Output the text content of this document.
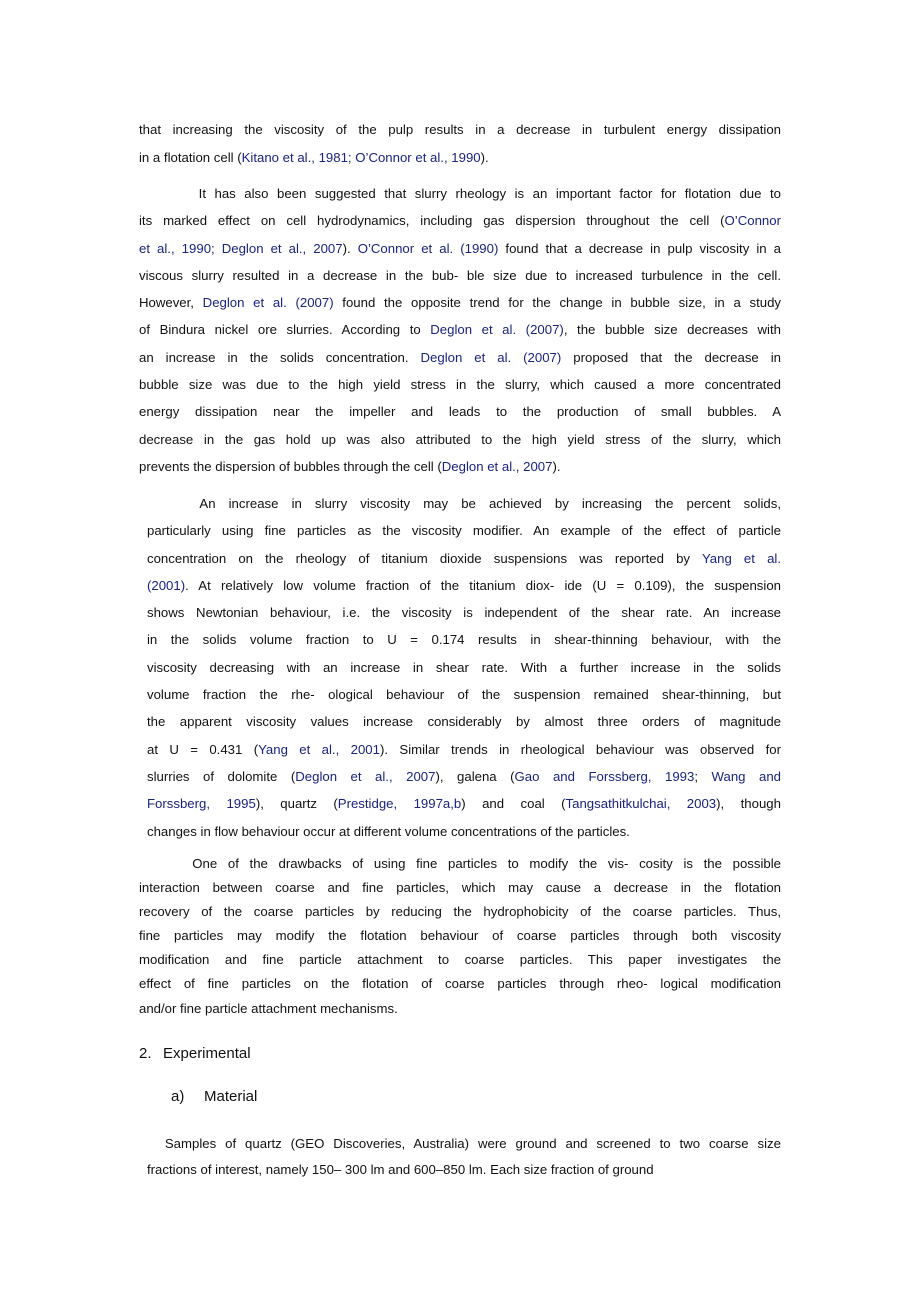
that increasing the viscosity of the pulp results in a decrease in turbulent energy dissipation
in a flotation cell (Kitano et al., 1981; O’Connor et al., 1990).
It has also been suggested that slurry rheology is an important factor for flotation due to
its marked effect on cell hydrodynamics, including gas dispersion throughout the cell (O’Connor
et al., 1990; Deglon et al., 2007). O’Connor et al. (1990) found that a decrease in pulp viscosity in a
viscous slurry resulted in a decrease in the bub- ble size due to increased turbulence in the cell.
However, Deglon et al. (2007) found the opposite trend for the change in bubble size, in a study
of Bindura nickel ore slurries. According to Deglon et al. (2007), the bubble size decreases with
an increase in the solids concentration. Deglon et al. (2007) proposed that the decrease in
bubble size was due to the high yield stress in the slurry, which caused a more concentrated
energy dissipation near the impeller and leads to the production of small bubbles. A
decrease in the gas hold up was also attributed to the high yield stress of the slurry, which
prevents the dispersion of bubbles through the cell (Deglon et al., 2007).
An increase in slurry viscosity may be achieved by increasing the percent solids,
particularly using fine particles as the viscosity modifier. An example of the effect of particle
concentration on the rheology of titanium dioxide suspensions was reported by Yang et al.
(2001). At relatively low volume fraction of the titanium diox- ide (U = 0.109), the suspension
shows Newtonian behaviour, i.e. the viscosity is independent of the shear rate. An increase
in the solids volume fraction to U = 0.174 results in shear-thinning behaviour, with the
viscosity decreasing with an increase in shear rate. With a further increase in the solids
volume fraction the rhe- ological behaviour of the suspension remained shear-thinning, but
the apparent viscosity values increase considerably by almost three orders of magnitude
at U = 0.431 (Yang et al., 2001). Similar trends in rheological behaviour was observed for
slurries of dolomite (Deglon et al., 2007), galena (Gao and Forssberg, 1993; Wang and
Forssberg, 1995), quartz (Prestidge, 1997a,b) and coal (Tangsathitkulchai, 2003), though
changes in flow behaviour occur at different volume concentrations of the particles.
One of the drawbacks of using fine particles to modify the vis- cosity is the possible
interaction between coarse and fine particles, which may cause a decrease in the flotation
recovery of the coarse particles by reducing the hydrophobicity of the coarse particles. Thus,
fine particles may modify the flotation behaviour of coarse particles through both viscosity
modification and fine particle attachment to coarse particles. This paper investigates the
effect of fine particles on the flotation of coarse particles through rheo- logical modification
and/or fine particle attachment mechanisms.
2. Experimental
a) Material
Samples of quartz (GEO Discoveries, Australia) were ground and screened to two coarse size
fractions of interest, namely 150– 300 lm and 600–850 lm. Each size fraction of ground
